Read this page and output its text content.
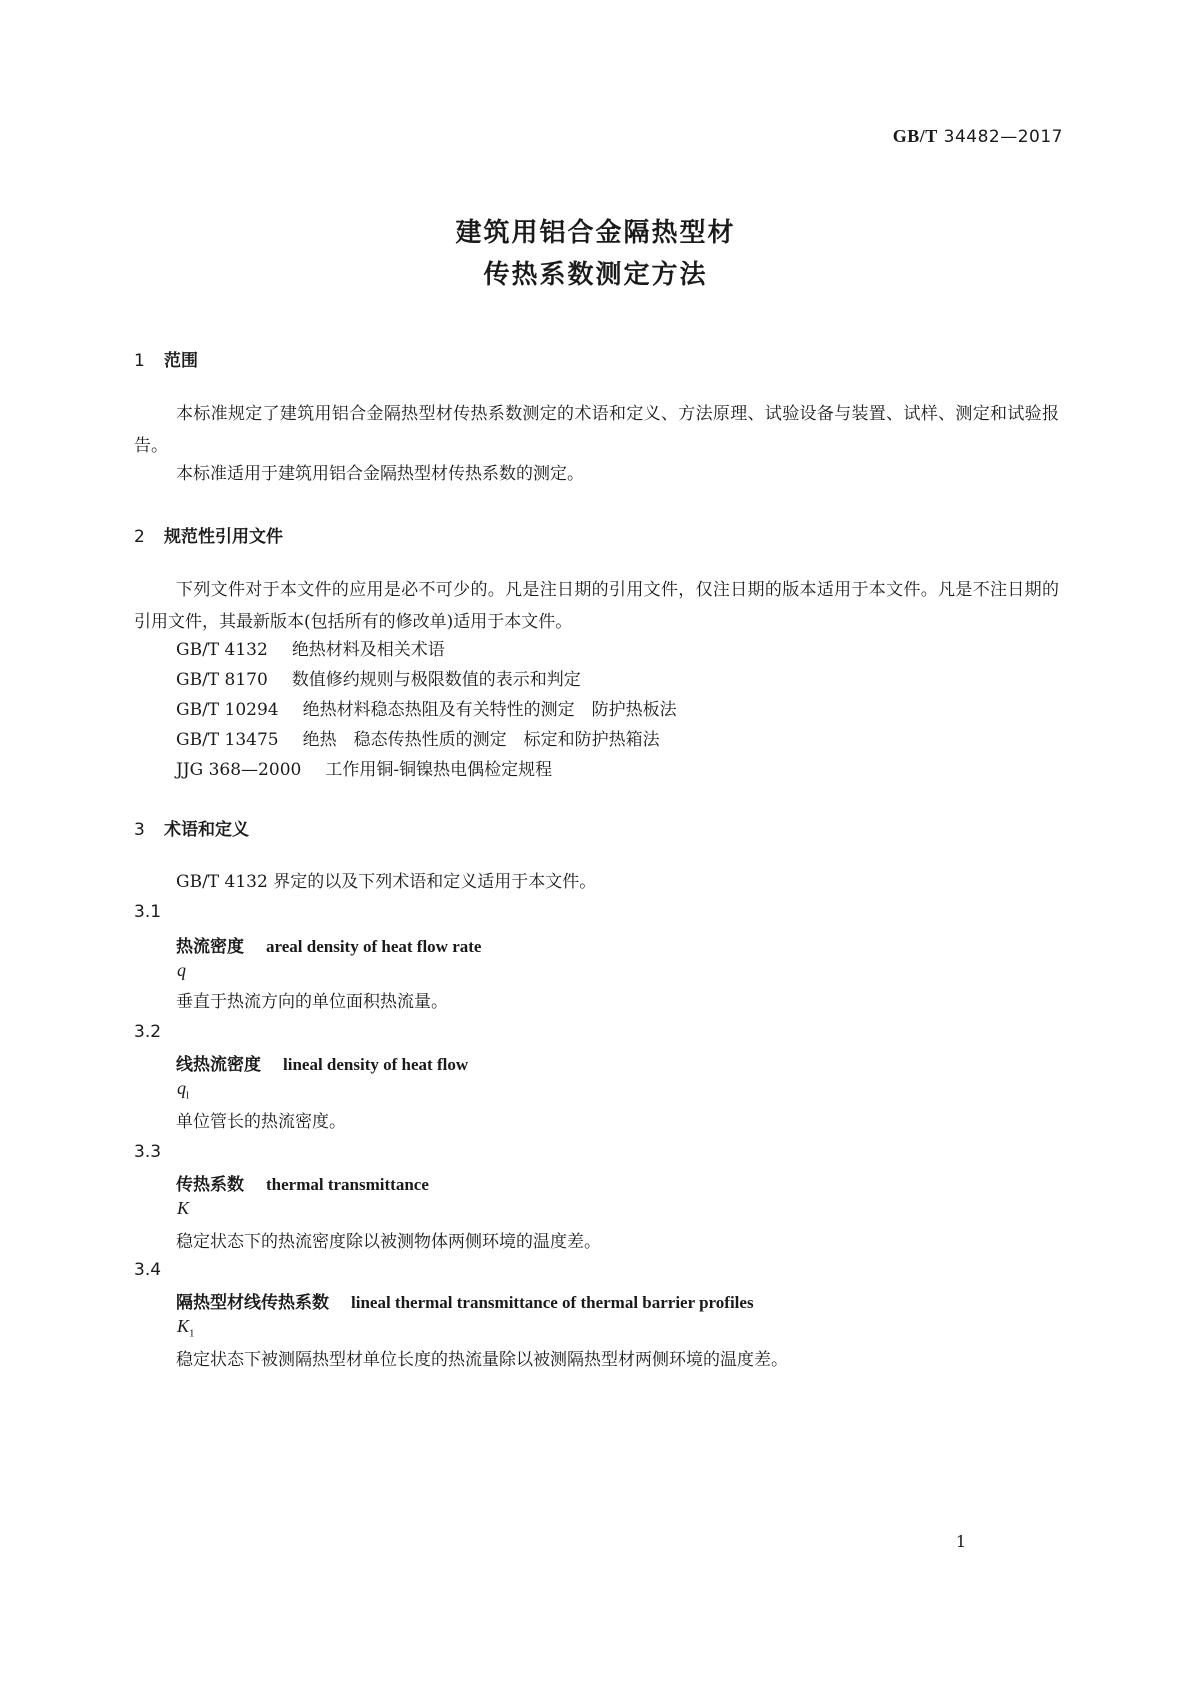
GB/T 34482—2017
建筑用铝合金隔热型材
传热系数测定方法
1 范围
本标准规定了建筑用铝合金隔热型材传热系数测定的术语和定义、方法原理、试验设备与装置、试样、测定和试验报告。
本标准适用于建筑用铝合金隔热型材传热系数的测定。
2 规范性引用文件
下列文件对于本文件的应用是必不可少的。凡是注日期的引用文件，仅注日期的版本适用于本文件。凡是不注日期的引用文件，其最新版本(包括所有的修改单)适用于本文件。
GB/T 4132 绝热材料及相关术语
GB/T 8170 数值修约规则与极限数值的表示和判定
GB/T 10294 绝热材料稳态热阻及有关特性的测定　防护热板法
GB/T 13475 绝热　稳态传热性质的测定　标定和防护热箱法
JJG 368—2000 工作用铜-铜镍热电偶检定规程
3 术语和定义
GB/T 4132 界定的以及下列术语和定义适用于本文件。
3.1
热流密度 areal density of heat flow rate
q
垂直于热流方向的单位面积热流量。
3.2
线热流密度 lineal density of heat flow
$q_l$
单位管长的热流密度。
3.3
传热系数 thermal transmittance
K
稳定状态下的热流密度除以被测物体两侧环境的温度差。
3.4
隔热型材线传热系数 lineal thermal transmittance of thermal barrier profiles
$K_1$
稳定状态下被测隔热型材单位长度的热流量除以被测隔热型材两侧环境的温度差。
1
